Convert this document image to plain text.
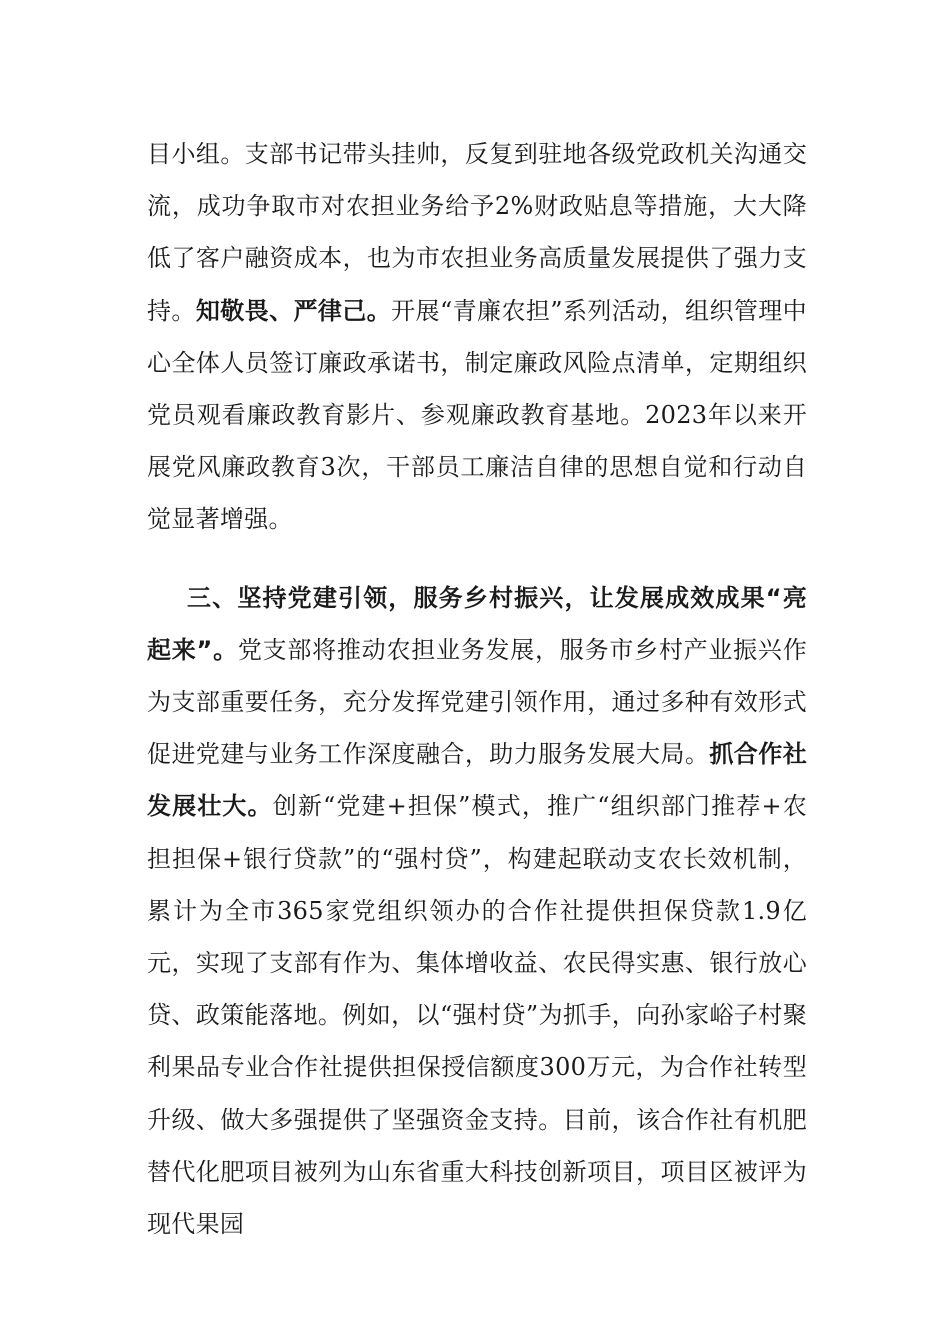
目小组。支部书记带头挂帅，反复到驻地各级党政机关沟通交流，成功争取市对农担业务给予2%财政贴息等措施，大大降低了客户融资成本，也为市农担业务高质量发展提供了强力支持。知敬畏、严律己。开展“青廉农担”系列活动，组织管理中心全体人员签订廉政承诺书，制定廉政风险点清单，定期组织党员观看廉政教育影片、参观廉政教育基地。2023年以来开展党风廉政教育3次，干部员工廉洁自律的思想自觉和行动自觉显著增强。

三、坚持党建引领，服务乡村振兴，让发展成效成果“亮起来”。党支部将推动农担业务发展，服务市乡村产业振兴作为支部重要任务，充分发挥党建引领作用，通过多种有效形式促进党建与业务工作深度融合，助力服务发展大局。抓合作社发展壮大。创新“党建+担保”模式，推广“组织部门推荐+农担担保+银行贷款”的“强村贷”，构建起联动支农长效机制，累计为全市365家党组织领办的合作社提供担保贷款1.9亿元，实现了支部有作为、集体增收益、农民得实惠、银行放心贷、政策能落地。例如，以“强村贷”为抓手，向孙家峪子村聚利果品专业合作社提供担保授信额度300万元，为合作社转型升级、做大多强提供了坚强资金支持。目前，该合作社有机肥替代化肥项目被列为山东省重大科技创新项目，项目区被评为现代果园
